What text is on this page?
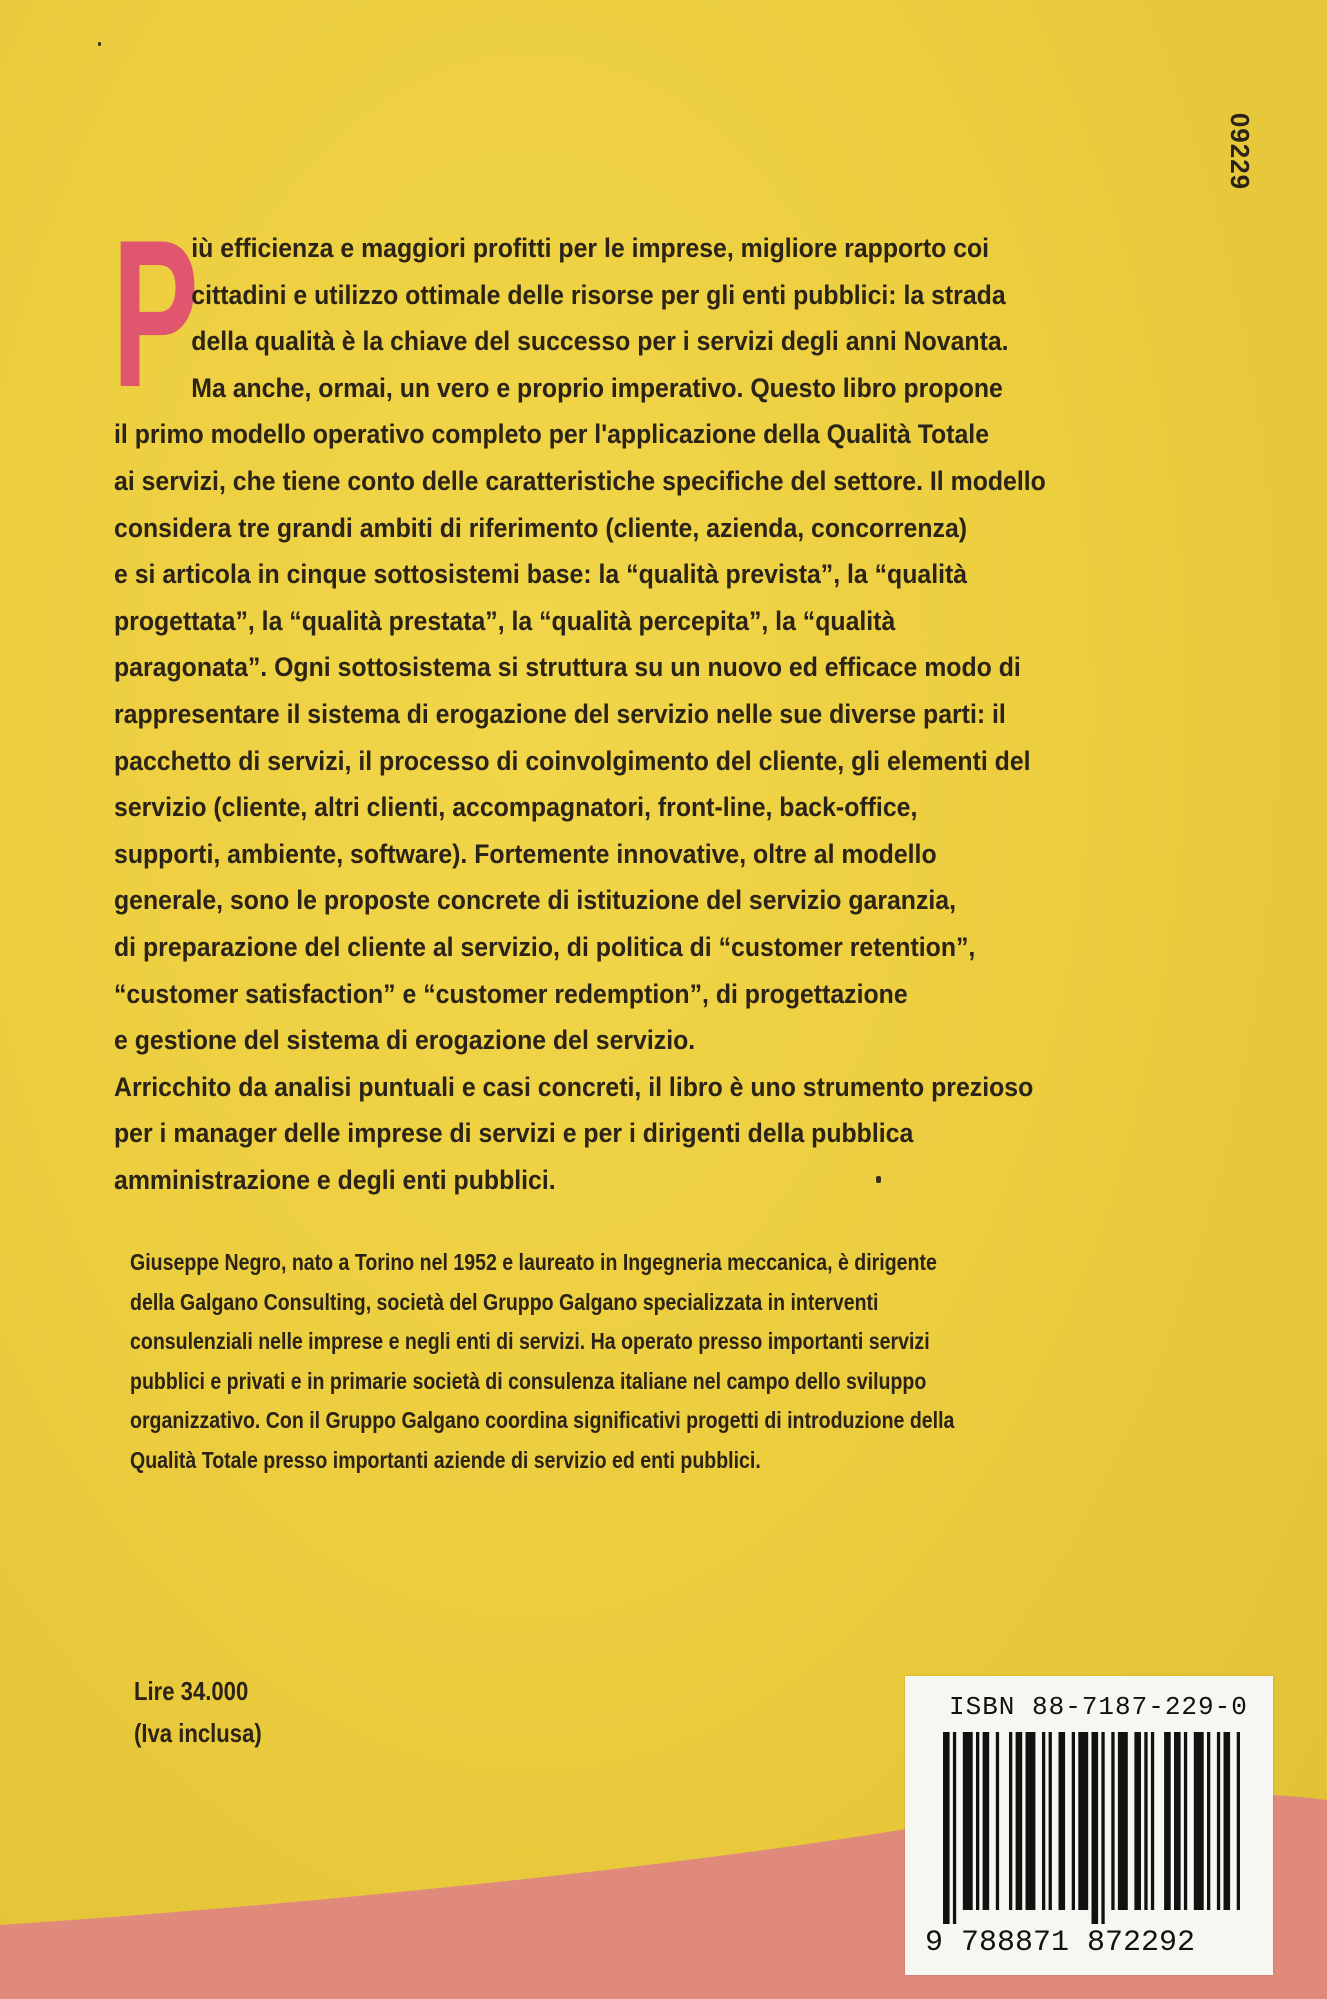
09229
P
iù efficienza e maggiori profitti per le imprese, migliore rapporto coi
cittadini e utilizzo ottimale delle risorse per gli enti pubblici: la strada
della qualità è la chiave del successo per i servizi degli anni Novanta.
Ma anche, ormai, un vero e proprio imperativo. Questo libro propone
il primo modello operativo completo per l'applicazione della Qualità Totale
ai servizi, che tiene conto delle caratteristiche specifiche del settore. Il modello
considera tre grandi ambiti di riferimento (cliente, azienda, concorrenza)
e si articola in cinque sottosistemi base: la “qualità prevista”, la “qualità
progettata”, la “qualità prestata”, la “qualità percepita”, la “qualità
paragonata”. Ogni sottosistema si struttura su un nuovo ed efficace modo di
rappresentare il sistema di erogazione del servizio nelle sue diverse parti: il
pacchetto di servizi, il processo di coinvolgimento del cliente, gli elementi del
servizio (cliente, altri clienti, accompagnatori, front-line, back-office,
supporti, ambiente, software). Fortemente innovative, oltre al modello
generale, sono le proposte concrete di istituzione del servizio garanzia,
di preparazione del cliente al servizio, di politica di “customer retention”,
“customer satisfaction” e “customer redemption”, di progettazione
e gestione del sistema di erogazione del servizio.
Arricchito da analisi puntuali e casi concreti, il libro è uno strumento prezioso
per i manager delle imprese di servizi e per i dirigenti della pubblica
amministrazione e degli enti pubblici.
Giuseppe Negro, nato a Torino nel 1952 e laureato in Ingegneria meccanica, è dirigente
della Galgano Consulting, società del Gruppo Galgano specializzata in interventi
consulenziali nelle imprese e negli enti di servizi. Ha operato presso importanti servizi
pubblici e privati e in primarie società di consulenza italiane nel campo dello sviluppo
organizzativo. Con il Gruppo Galgano coordina significativi progetti di introduzione della
Qualità Totale presso importanti aziende di servizio ed enti pubblici.
Lire 34.000
(Iva inclusa)
ISBN 88-7187-229-0
9 788871 872292
